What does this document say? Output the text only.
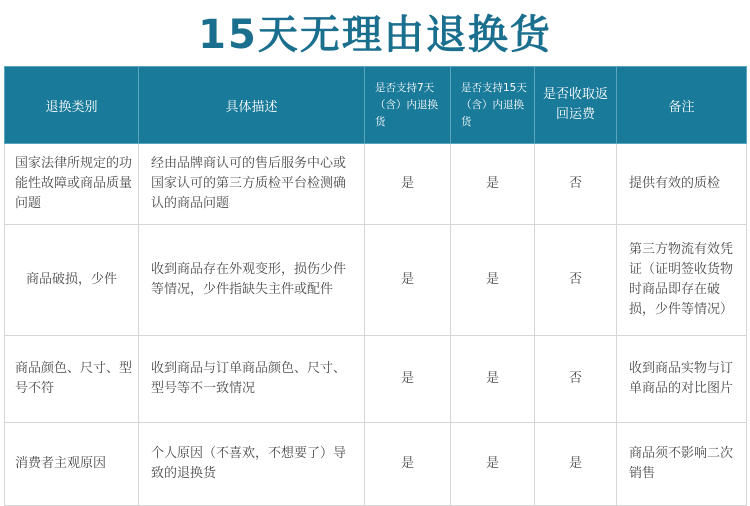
15天无理由退换货
退换类别	具体描述	是否支持7天（含）内退换货	是否支持15天（含）内退换货	是否收取返回运费	备注
国家法律所规定的功能性故障或商品质量问题	经由品牌商认可的售后服务中心或国家认可的第三方质检平台检测确认的商品问题	是	是	否	提供有效的质检
商品破损，少件	收到商品存在外观变形，损伤少件等情况，少件指缺失主件或配件	是	是	否	第三方物流有效凭证（证明签收货物时商品即存在破损，少件等情况）
商品颜色、尺寸、型号不符	收到商品与订单商品颜色、尺寸、型号等不一致情况	是	是	否	收到商品实物与订单商品的对比图片
消费者主观原因	个人原因（不喜欢，不想要了）导致的退换货	是	是	是	商品须不影响二次销售
